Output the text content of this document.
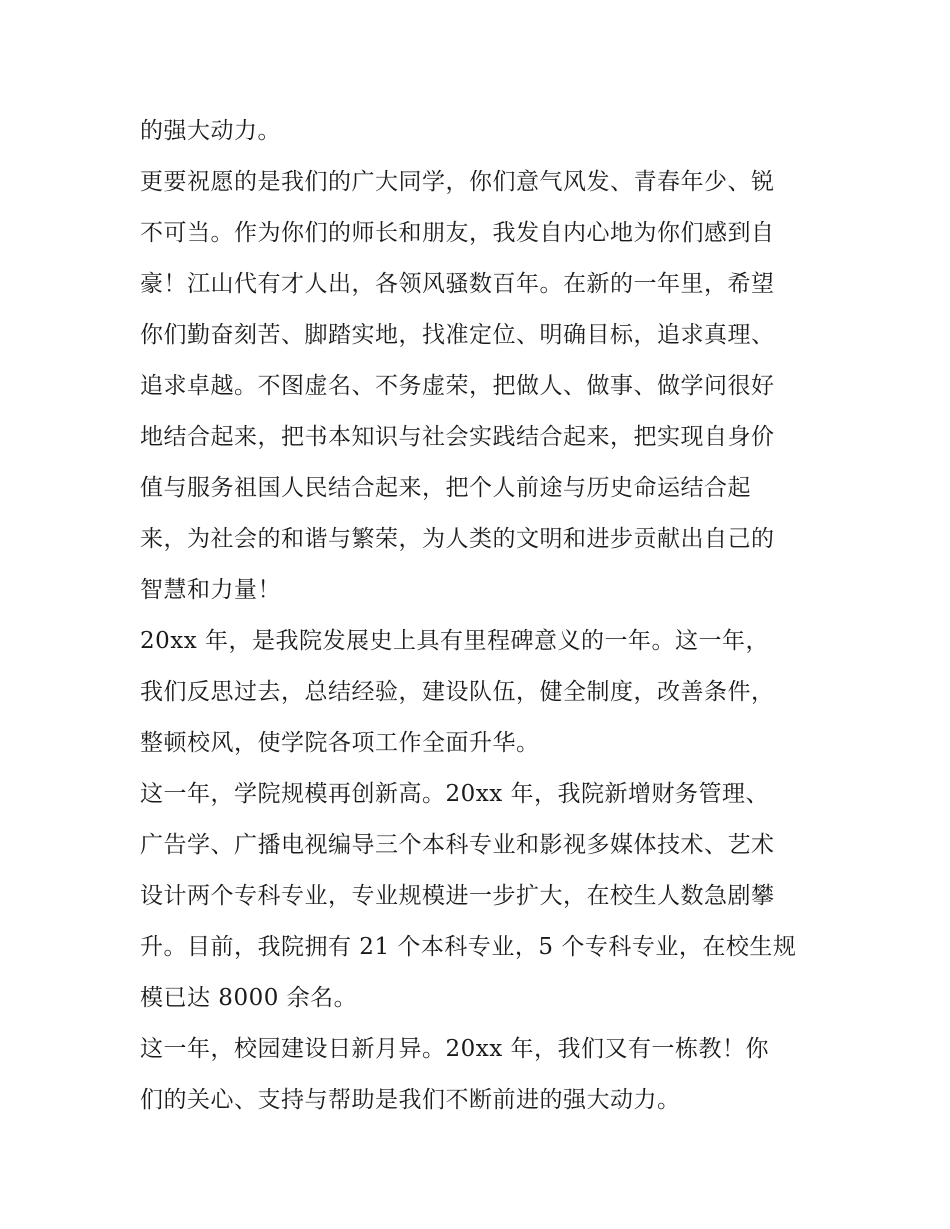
的强大动力。
更要祝愿的是我们的广大同学，你们意气风发、青春年少、锐
不可当。作为你们的师长和朋友，我发自内心地为你们感到自
豪！江山代有才人出，各领风骚数百年。在新的一年里，希望
你们勤奋刻苦、脚踏实地，找准定位、明确目标，追求真理、
追求卓越。不图虚名、不务虚荣，把做人、做事、做学问很好
地结合起来，把书本知识与社会实践结合起来，把实现自身价
值与服务祖国人民结合起来，把个人前途与历史命运结合起
来，为社会的和谐与繁荣，为人类的文明和进步贡献出自己的
智慧和力量！
20xx 年，是我院发展史上具有里程碑意义的一年。这一年，
我们反思过去，总结经验，建设队伍，健全制度，改善条件，
整顿校风，使学院各项工作全面升华。
这一年，学院规模再创新高。20xx 年，我院新增财务管理、
广告学、广播电视编导三个本科专业和影视多媒体技术、艺术
设计两个专科专业，专业规模进一步扩大，在校生人数急剧攀
升。目前，我院拥有 21 个本科专业，5 个专科专业，在校生规
模已达 8000 余名。
这一年，校园建设日新月异。20xx 年，我们又有一栋教！你
们的关心、支持与帮助是我们不断前进的强大动力。
